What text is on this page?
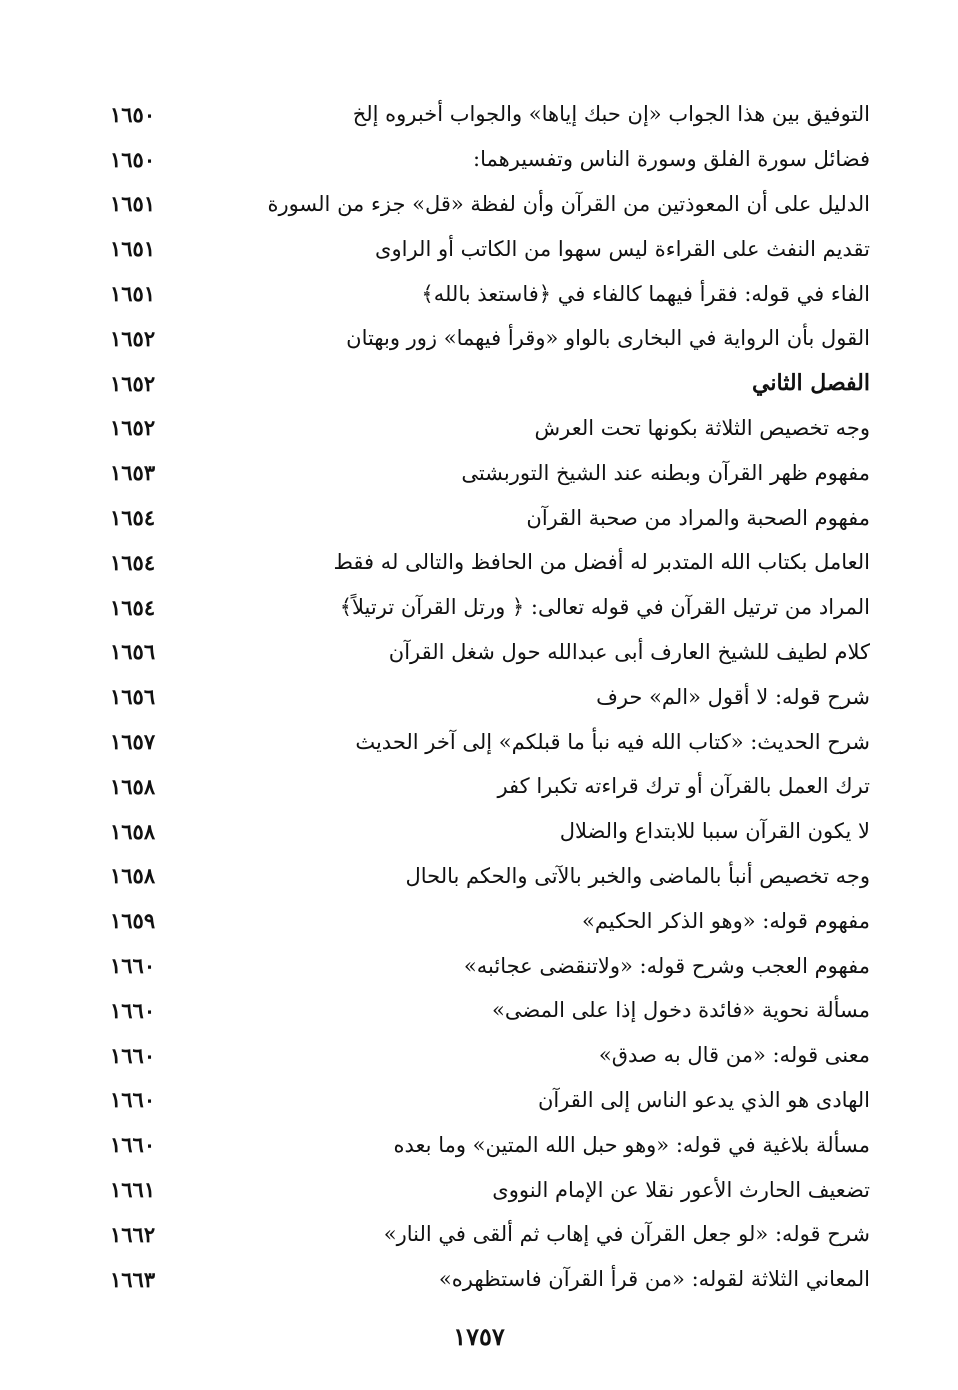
التوفيق بين هذا الجواب «إن حبك إياها» والجواب أخبروه إلخ
١٦٥٠
فضائل سورة الفلق وسورة الناس وتفسيرهما:
١٦٥٠
الدليل على أن المعوذتين من القرآن وأن لفظة «قل» جزء من السورة
١٦٥١
تقديم النفث على القراءة ليس سهوا من الكاتب أو الراوى
١٦٥١
الفاء في قوله: فقرأ فيهما كالفاء في ﴿فاستعذ بالله﴾
١٦٥١
القول بأن الرواية في البخارى بالواو «وقرأ فيهما» زور وبهتان
١٦٥٢
الفصل الثاني
١٦٥٢
وجه تخصيص الثلاثة بكونها تحت العرش
١٦٥٢
مفهوم ظهر القرآن وبطنه عند الشيخ التوربشتى
١٦٥٣
مفهوم الصحبة والمراد من صحبة القرآن
١٦٥٤
العامل بكتاب الله المتدبر له أفضل من الحافظ والتالى له فقط
١٦٥٤
المراد من ترتيل القرآن في قوله تعالى: ﴿ ورتل القرآن ترتيلاً﴾
١٦٥٤
كلام لطيف للشيخ العارف أبى عبدالله حول شغل القرآن
١٦٥٦
شرح قوله: لا أقول «الم» حرف
١٦٥٦
شرح الحديث: «كتاب الله فيه نبأ ما قبلكم» إلى آخر الحديث
١٦٥٧
ترك العمل بالقرآن أو ترك قراءته تكبرا كفر
١٦٥٨
لا يكون القرآن سببا للابتداع والضلال
١٦٥٨
وجه تخصيص أنبأ بالماضى والخبر بالآتى والحكم بالحال
١٦٥٨
مفهوم قوله: «وهو الذكر الحكيم»
١٦٥٩
مفهوم العجب وشرح قوله: «ولاتنقضى عجائبه»
١٦٦٠
مسألة نحوية «فائدة دخول إذا على المضى»
١٦٦٠
معنى قوله: «من قال به صدق»
١٦٦٠
الهادى هو الذي يدعو الناس إلى القرآن
١٦٦٠
مسألة بلاغية في قوله: «وهو حبل الله المتين» وما بعده
١٦٦٠
تضعيف الحارث الأعور نقلا عن الإمام النووى
١٦٦١
شرح قوله: «لو جعل القرآن في إهاب ثم ألقى في النار»
١٦٦٢
المعاني الثلاثة لقوله: «من قرأ القرآن فاستظهره»
١٦٦٣
١٧٥٧
